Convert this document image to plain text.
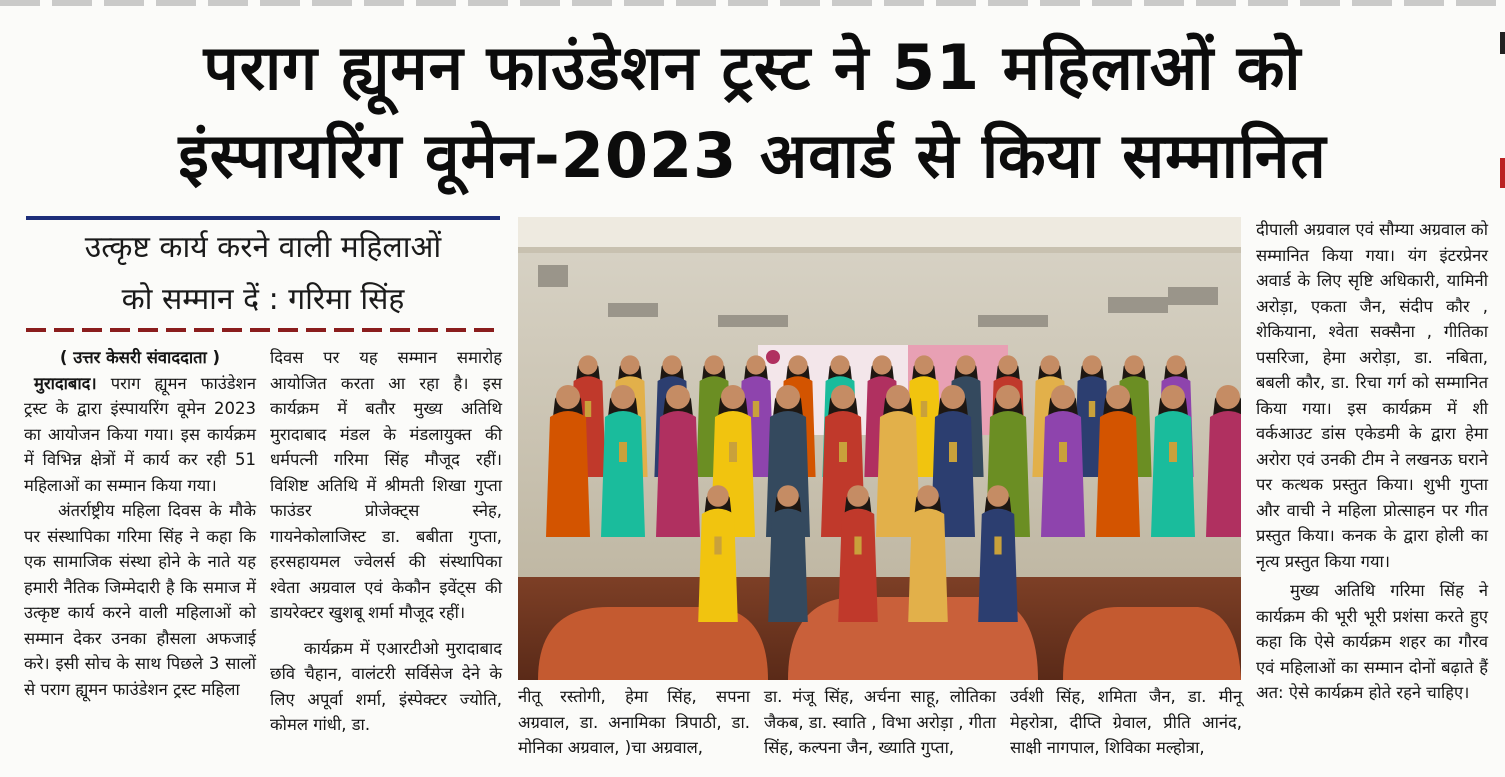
पराग ह्यूमन फाउंडेशन ट्रस्ट ने 51 महिलाओं को
इंस्पायरिंग वूमेन-2023 अवार्ड से किया सम्मानित
उत्कृष्ट कार्य करने वाली महिलाओं
को सम्मान दें : गरिमा सिंह

( उत्तर केसरी संवाददाता )

मुरादाबाद। पराग ह्यूमन फाउंडेशन ट्रस्ट के द्वारा इंस्पायरिंग वूमेन 2023 का आयोजन किया गया। इस कार्यक्रम में विभिन्न क्षेत्रों में कार्य कर रही 51 महिलाओं का सम्मान किया गया।

अंतर्राष्ट्रीय महिला दिवस के मौके पर संस्थापिका गरिमा सिंह ने कहा कि एक सामाजिक संस्था होने के नाते यह हमारी नैतिक जिम्मेदारी है कि समाज में उत्कृष्ट कार्य करने वाली महिलाओं को सम्मान देकर उनका हौसला अफजाई करे। इसी सोच के साथ पिछले 3 सालों से पराग ह्यूमन फाउंडेशन ट्रस्ट महिला

दिवस पर यह सम्मान समारोह आयोजित करता आ रहा है। इस कार्यक्रम में बतौर मुख्य अतिथि मुरादाबाद मंडल के मंडलायुक्त की धर्मपत्नी गरिमा सिंह मौजूद रहीं। विशिष्ट अतिथि में श्रीमती शिखा गुप्ता फाउंडर प्रोजेक्ट्स स्नेह, गायनेकोलाजिस्ट डा. बबीता गुप्ता, हरसहायमल ज्वेलर्स की संस्थापिका श्वेता अग्रवाल एवं केकौन इवेंट्स की डायरेक्टर खुशबू शर्मा मौजूद रहीं।

कार्यक्रम में एआरटीओ मुरादाबाद छवि चैहान, वालंटरी सर्विसेज देने के लिए अपूर्वा शर्मा, इंस्पेक्टर ज्योति, कोमल गांधी, डा.

नीतू रस्तोगी, हेमा सिंह, सपना अग्रवाल, डा. अनामिका त्रिपाठी, डा. मोनिका अग्रवाल, )चा अग्रवाल,
डा. मंजू सिंह, अर्चना साहू, लोतिका जैकब, डा. स्वाति , विभा अरोड़ा , गीता सिंह, कल्पना जैन, ख्याति गुप्ता,
उर्वशी सिंह, शमिता जैन, डा. मीनू मेहरोत्रा, दीप्ति ग्रेवाल, प्रीति आनंद, साक्षी नागपाल, शिविका मल्होत्रा,

दीपाली अग्रवाल एवं सौम्या अग्रवाल को सम्मानित किया गया। यंग इंटरप्रेनर अवार्ड के लिए सृष्टि अधिकारी, यामिनी अरोड़ा, एकता जैन, संदीप कौर , शेकियाना, श्वेता सक्सैना , गीतिका पसरिजा, हेमा अरोड़ा, डा. नबिता, बबली कौर, डा. रिचा गर्ग को सम्मानित किया गया। इस कार्यक्रम में शी वर्कआउट डांस एकेडमी के द्वारा हेमा अरोरा एवं उनकी टीम ने लखनऊ घराने पर कत्थक प्रस्तुत किया। शुभी गुप्ता और वाची ने महिला प्रोत्साहन पर गीत प्रस्तुत किया। कनक के द्वारा होली का नृत्य प्रस्तुत किया गया।

मुख्य अतिथि गरिमा सिंह ने कार्यक्रम की भूरी भूरी प्रशंसा करते हुए कहा कि ऐसे कार्यक्रम शहर का गौरव एवं महिलाओं का सम्मान दोनों बढ़ाते हैं अत: ऐसे कार्यक्रम होते रहने चाहिए।
